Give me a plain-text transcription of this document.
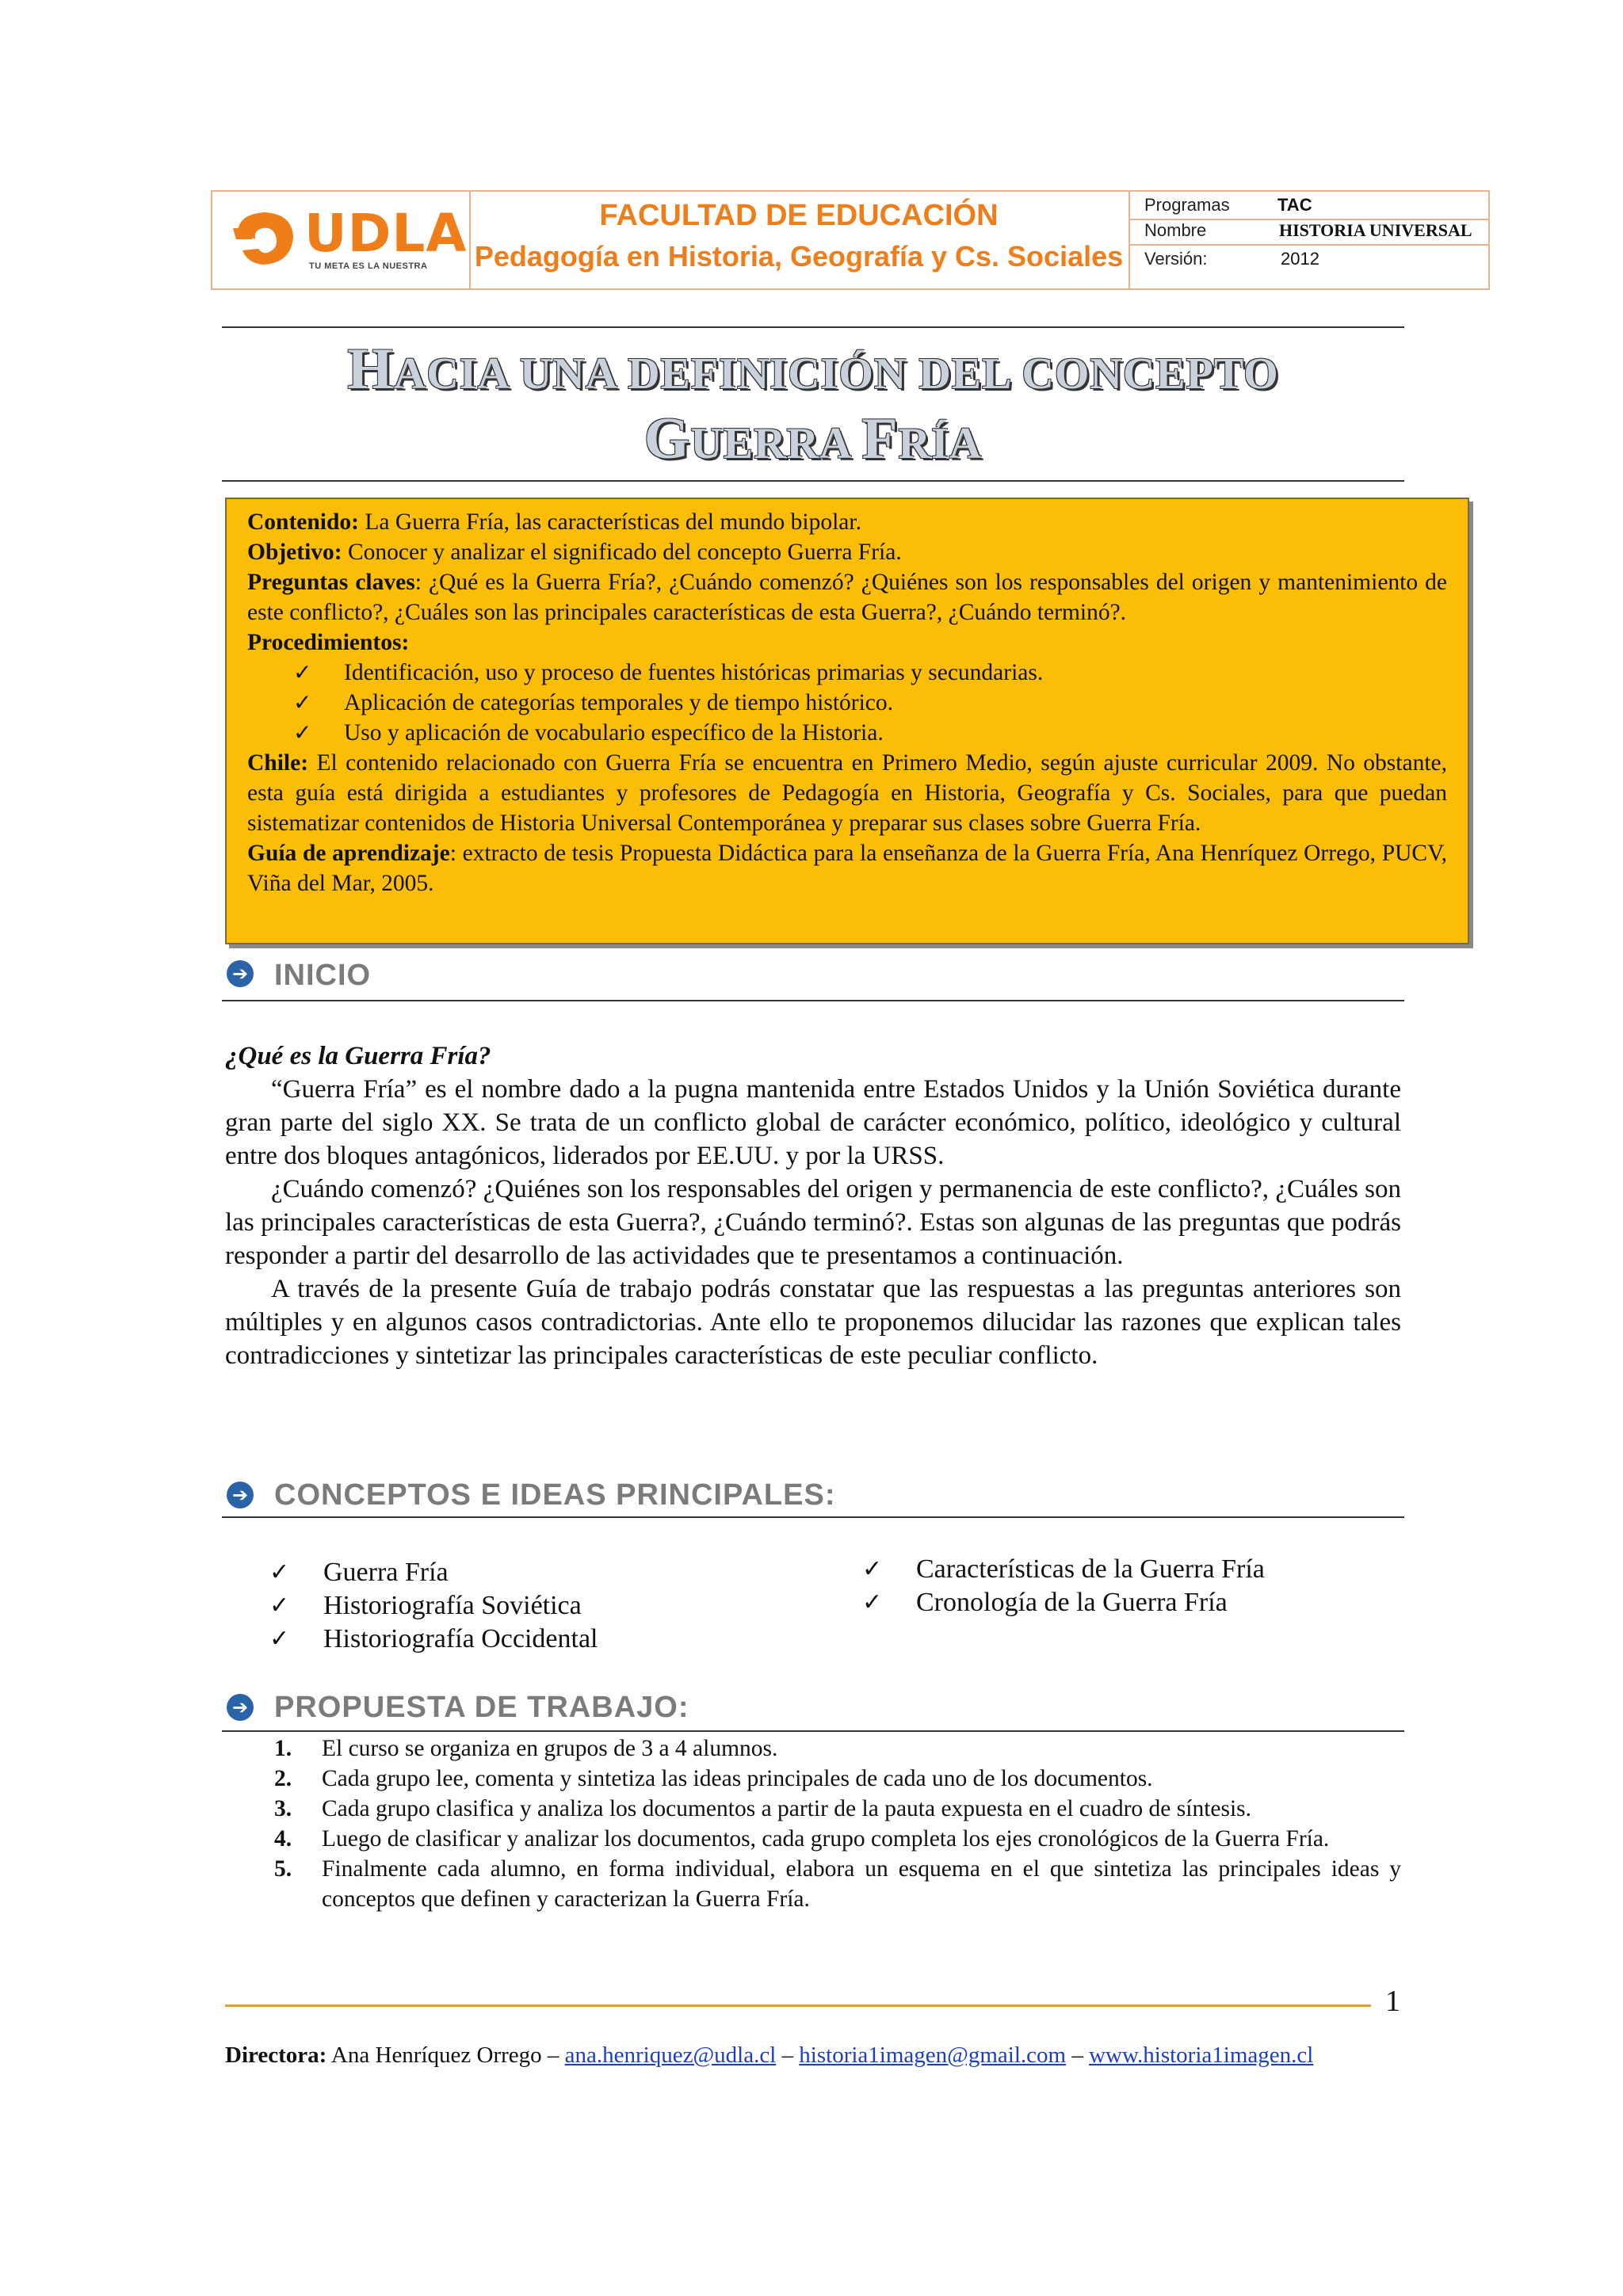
UDLA
TU META ES LA NUESTRA
FACULTAD DE EDUCACIÓN
Pedagogía en Historia, Geografía y Cs. Sociales
Programas	TAC
Nombre	HISTORIA UNIVERSAL
Versión:	2012
HACIA UNA DEFINICIÓN DEL CONCEPTO
GUERRA FRÍA

Contenido: La Guerra Fría, las características del mundo bipolar.

Objetivo: Conocer y analizar el significado del concepto Guerra Fría.

Preguntas claves: ¿Qué es la Guerra Fría?, ¿Cuándo comenzó? ¿Quiénes son los responsables del origen y mantenimiento de este conflicto?, ¿Cuáles son las principales características de esta Guerra?, ¿Cuándo terminó?.

Procedimientos:

✓ Identificación, uso y proceso de fuentes históricas primarias y secundarias.

✓ Aplicación de categorías temporales y de tiempo histórico.

✓ Uso y aplicación de vocabulario específico de la Historia.

Chile: El contenido relacionado con Guerra Fría se encuentra en Primero Medio, según ajuste curricular 2009. No obstante, esta guía está dirigida a estudiantes y profesores de Pedagogía en Historia, Geografía y Cs. Sociales, para que puedan sistematizar contenidos de Historia Universal Contemporánea y preparar sus clases sobre Guerra Fría.

Guía de aprendizaje: extracto de tesis Propuesta Didáctica para la enseñanza de la Guerra Fría, Ana Henríquez Orrego, PUCV, Viña del Mar, 2005.

➔ INICIO

¿Qué es la Guerra Fría?

“Guerra Fría” es el nombre dado a la pugna mantenida entre Estados Unidos y la Unión Soviética durante gran parte del siglo XX. Se trata de un conflicto global de carácter económico, político, ideológico y cultural entre dos bloques antagónicos, liderados por EE.UU. y por la URSS.

¿Cuándo comenzó? ¿Quiénes son los responsables del origen y permanencia de este conflicto?, ¿Cuáles son las principales características de esta Guerra?, ¿Cuándo terminó?. Estas son algunas de las preguntas que podrás responder a partir del desarrollo de las actividades que te presentamos a continuación.

A través de la presente Guía de trabajo podrás constatar que las respuestas a las preguntas anteriores son múltiples y en algunos casos contradictorias. Ante ello te proponemos dilucidar las razones que explican tales contradicciones y sintetizar las principales características de este peculiar conflicto.

➔ CONCEPTOS E IDEAS PRINCIPALES:
✓ Guerra Fría
✓ Historiografía Soviética
✓ Historiografía Occidental
✓ Características de la Guerra Fría
✓ Cronología de la Guerra Fría
➔ PROPUESTA DE TRABAJO:
1. El curso se organiza en grupos de 3 a 4 alumnos.
2. Cada grupo lee, comenta y sintetiza las ideas principales de cada uno de los documentos.
3. Cada grupo clasifica y analiza los documentos a partir de la pauta expuesta en el cuadro de síntesis.
4. Luego de clasificar y analizar los documentos, cada grupo completa los ejes cronológicos de la Guerra Fría.
5. Finalmente cada alumno, en forma individual, elabora un esquema en el que sintetiza las principales ideas y conceptos que definen y caracterizan la Guerra Fría.
1
Directora: Ana Henríquez Orrego – ana.henriquez@udla.cl – historia1imagen@gmail.com – www.historia1imagen.cl
